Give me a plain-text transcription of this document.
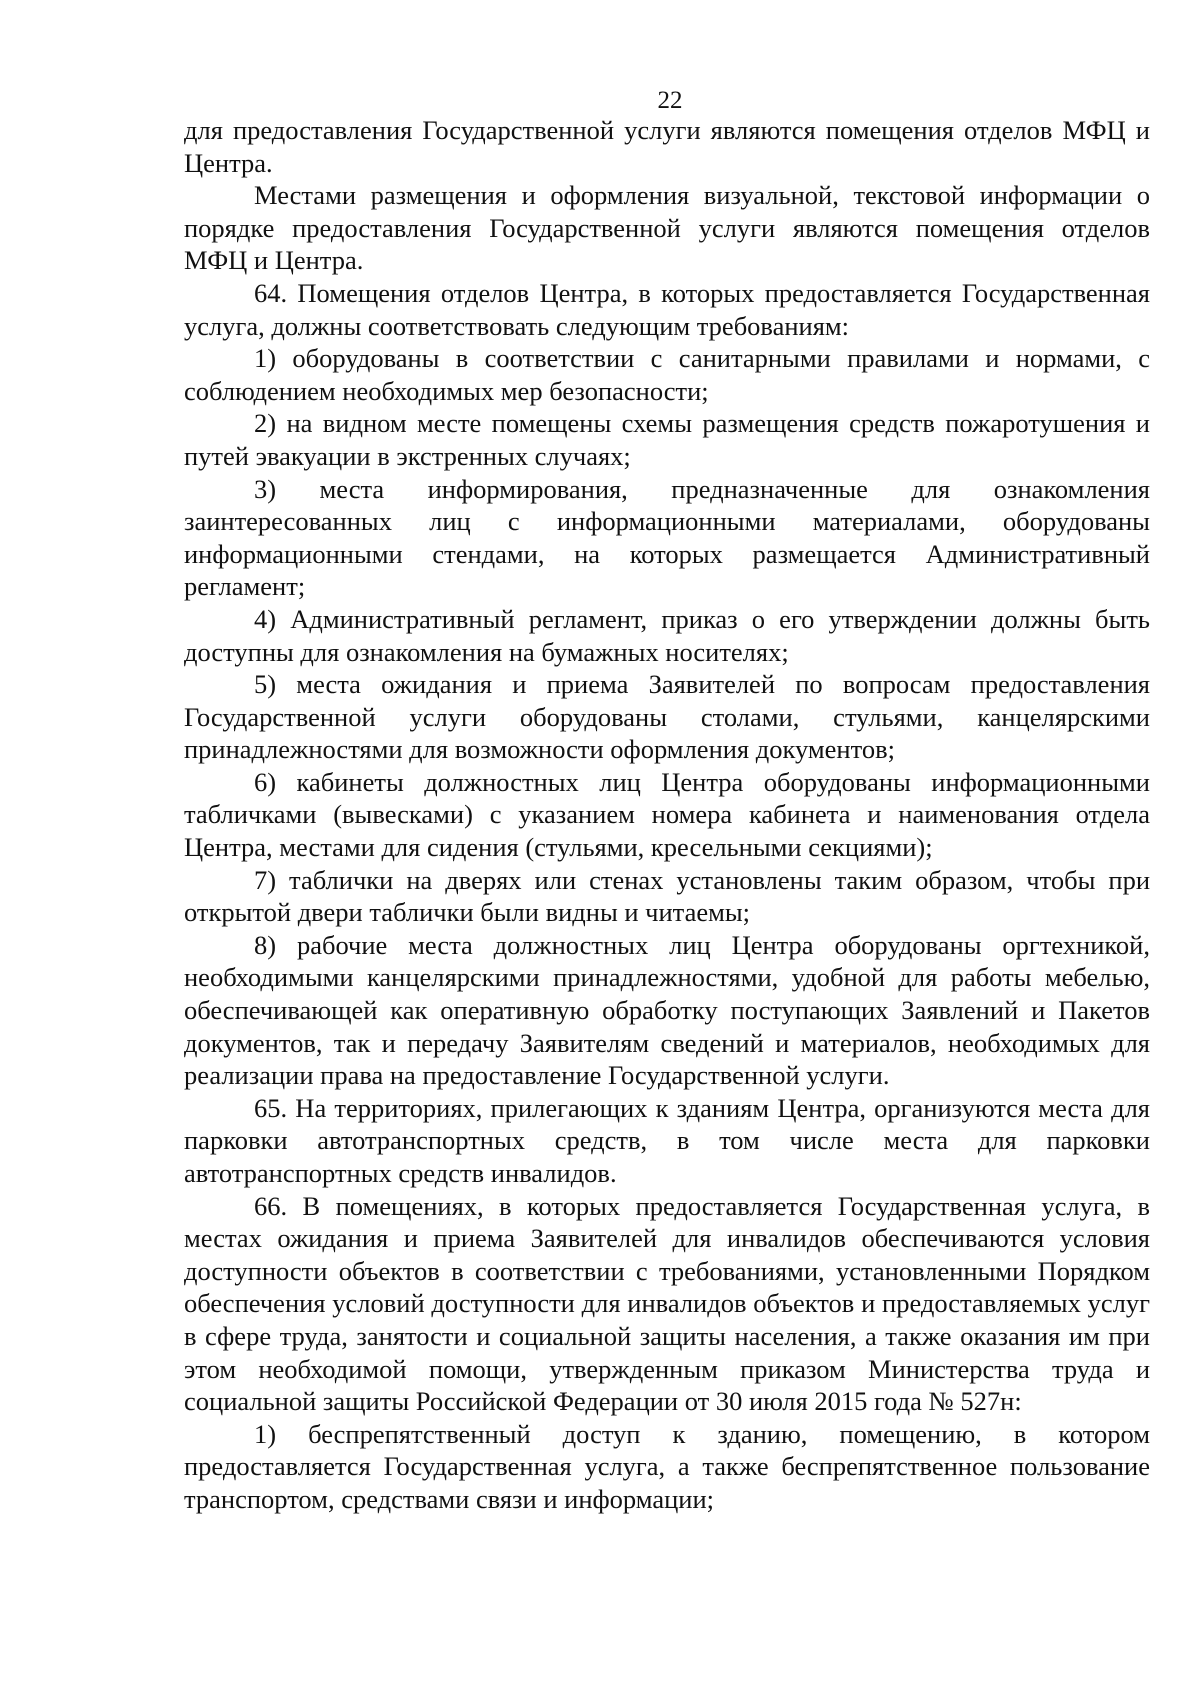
22

для предоставления Государственной услуги являются помещения отделов МФЦ и Центра.

Местами размещения и оформления визуальной, текстовой информации о порядке предоставления Государственной услуги являются помещения отделов МФЦ и Центра.

64. Помещения отделов Центра, в которых предоставляется Государственная услуга, должны соответствовать следующим требованиям:

1) оборудованы в соответствии с санитарными правилами и нормами, с соблюдением необходимых мер безопасности;

2) на видном месте помещены схемы размещения средств пожаротушения и путей эвакуации в экстренных случаях;

3) места информирования, предназначенные для ознакомления заинтересованных лиц с информационными материалами, оборудованы информационными стендами, на которых размещается Административный регламент;

4) Административный регламент, приказ о его утверждении должны быть доступны для ознакомления на бумажных носителях;

5) места ожидания и приема Заявителей по вопросам предоставления Государственной услуги оборудованы столами, стульями, канцелярскими принадлежностями для возможности оформления документов;

6) кабинеты должностных лиц Центра оборудованы информационными табличками (вывесками) с указанием номера кабинета и наименования отдела Центра, местами для сидения (стульями, кресельными секциями);

7) таблички на дверях или стенах установлены таким образом, чтобы при открытой двери таблички были видны и читаемы;

8) рабочие места должностных лиц Центра оборудованы оргтехникой, необходимыми канцелярскими принадлежностями, удобной для работы мебелью, обеспечивающей как оперативную обработку поступающих Заявлений и Пакетов документов, так и передачу Заявителям сведений и материалов, необходимых для реализации права на предоставление Государственной услуги.

65. На территориях, прилегающих к зданиям Центра, организуются места для парковки автотранспортных средств, в том числе места для парковки автотранспортных средств инвалидов.

66. В помещениях, в которых предоставляется Государственная услуга, в местах ожидания и приема Заявителей для инвалидов обеспечиваются условия доступности объектов в соответствии с требованиями, установленными Порядком обеспечения условий доступности для инвалидов объектов и предоставляемых услуг в сфере труда, занятости и социальной защиты населения, а также оказания им при этом необходимой помощи, утвержденным приказом Министерства труда и социальной защиты Российской Федерации от 30 июля 2015 года № 527н:

1) беспрепятственный доступ к зданию, помещению, в котором предоставляется Государственная услуга, а также беспрепятственное пользование транспортом, средствами связи и информации;
